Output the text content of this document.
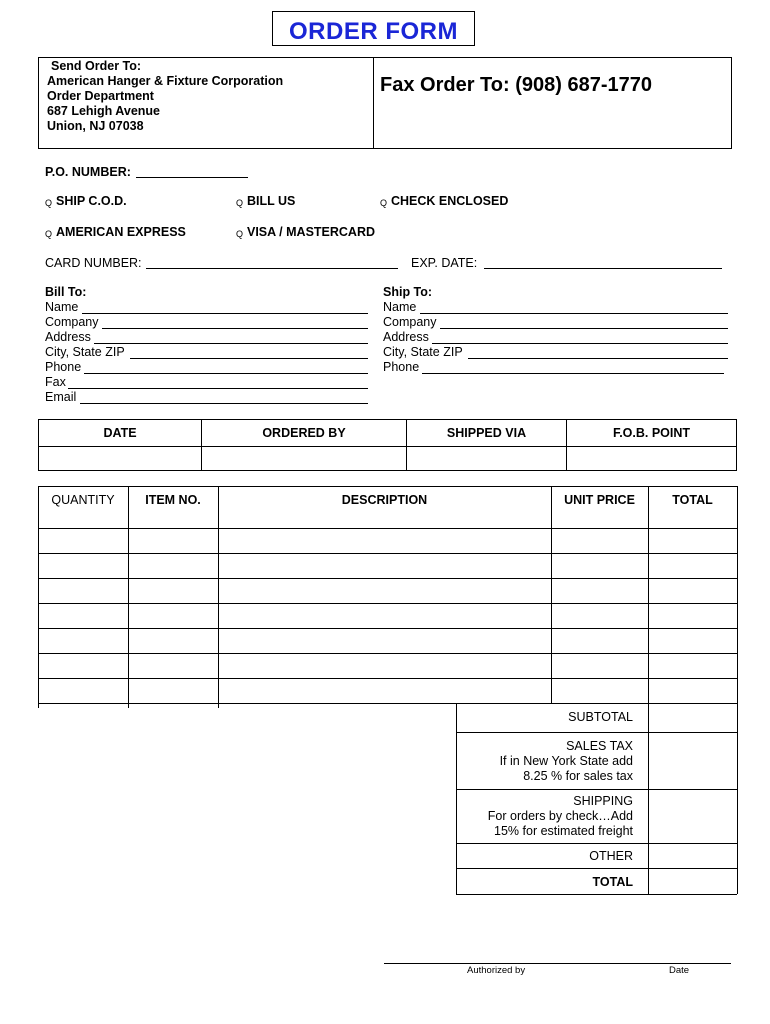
ORDER FORM
Send Order To:
American Hanger & Fixture Corporation
Order Department
687 Lehigh Avenue
Union, NJ 07038
Fax Order To: (908) 687-1770
P.O. NUMBER:
Q SHIP C.O.D.	Q BILL US	Q CHECK ENCLOSED
Q AMERICAN EXPRESS	Q VISA / MASTERCARD
CARD NUMBER:	EXP. DATE:
Bill To:
Name
Company
Address
City, State ZIP
Phone
Fax
Email
Ship To:
Name
Company
Address
City, State ZIP
Phone
DATE	ORDERED BY	SHIPPED VIA	F.O.B. POINT

QUANTITY	ITEM NO.	DESCRIPTION	UNIT PRICE	TOTAL
SUBTOTAL
SALES TAX
If in New York State add
8.25 % for sales tax
SHIPPING
For orders by check…Add
15% for estimated freight
OTHER
TOTAL
Authorized by	Date
